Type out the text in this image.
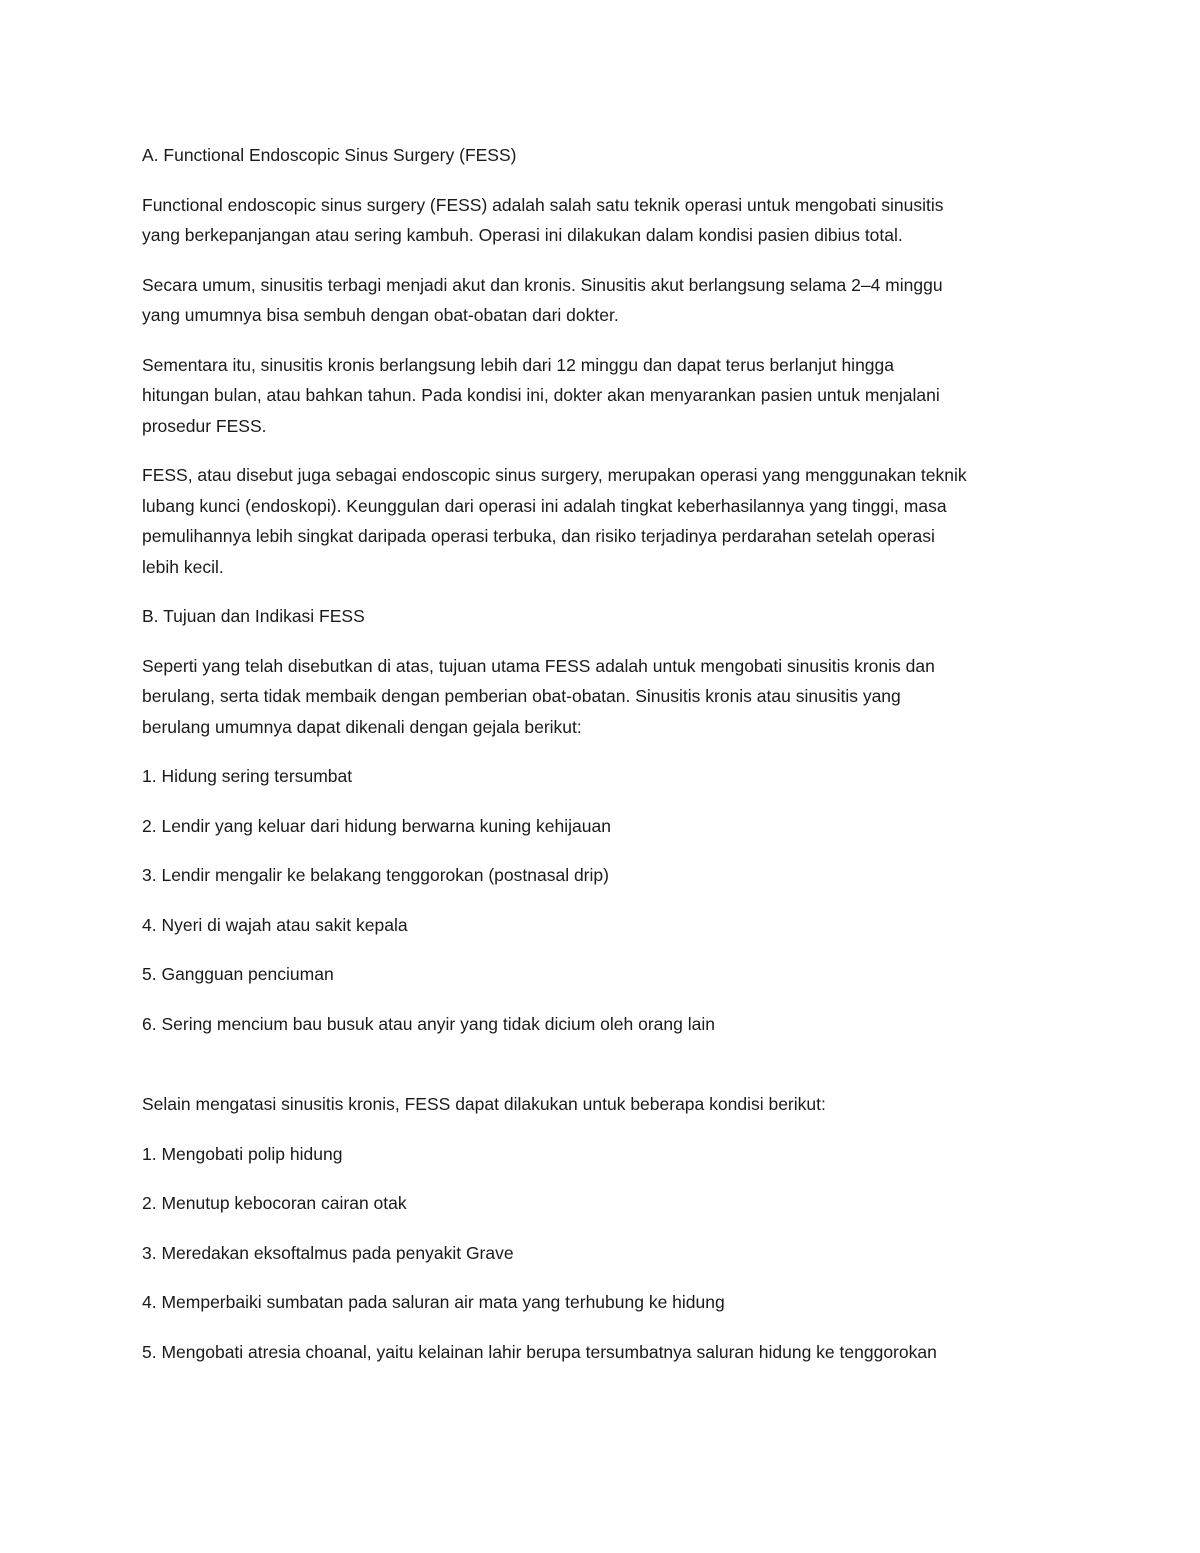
A. Functional Endoscopic Sinus Surgery (FESS)

Functional endoscopic sinus surgery (FESS) adalah salah satu teknik operasi untuk mengobati sinusitis
yang berkepanjangan atau sering kambuh. Operasi ini dilakukan dalam kondisi pasien dibius total.

Secara umum, sinusitis terbagi menjadi akut dan kronis. Sinusitis akut berlangsung selama 2–4 minggu
yang umumnya bisa sembuh dengan obat-obatan dari dokter.

Sementara itu, sinusitis kronis berlangsung lebih dari 12 minggu dan dapat terus berlanjut hingga
hitungan bulan, atau bahkan tahun. Pada kondisi ini, dokter akan menyarankan pasien untuk menjalani
prosedur FESS.

FESS, atau disebut juga sebagai endoscopic sinus surgery, merupakan operasi yang menggunakan teknik
lubang kunci (endoskopi). Keunggulan dari operasi ini adalah tingkat keberhasilannya yang tinggi, masa
pemulihannya lebih singkat daripada operasi terbuka, dan risiko terjadinya perdarahan setelah operasi
lebih kecil.

B. Tujuan dan Indikasi FESS

Seperti yang telah disebutkan di atas, tujuan utama FESS adalah untuk mengobati sinusitis kronis dan
berulang, serta tidak membaik dengan pemberian obat-obatan. Sinusitis kronis atau sinusitis yang
berulang umumnya dapat dikenali dengan gejala berikut:

1. Hidung sering tersumbat

2. Lendir yang keluar dari hidung berwarna kuning kehijauan

3. Lendir mengalir ke belakang tenggorokan (postnasal drip)

4. Nyeri di wajah atau sakit kepala

5. Gangguan penciuman

6. Sering mencium bau busuk atau anyir yang tidak dicium oleh orang lain

Selain mengatasi sinusitis kronis, FESS dapat dilakukan untuk beberapa kondisi berikut:

1. Mengobati polip hidung

2. Menutup kebocoran cairan otak

3. Meredakan eksoftalmus pada penyakit Grave

4. Memperbaiki sumbatan pada saluran air mata yang terhubung ke hidung

5. Mengobati atresia choanal, yaitu kelainan lahir berupa tersumbatnya saluran hidung ke tenggorokan
